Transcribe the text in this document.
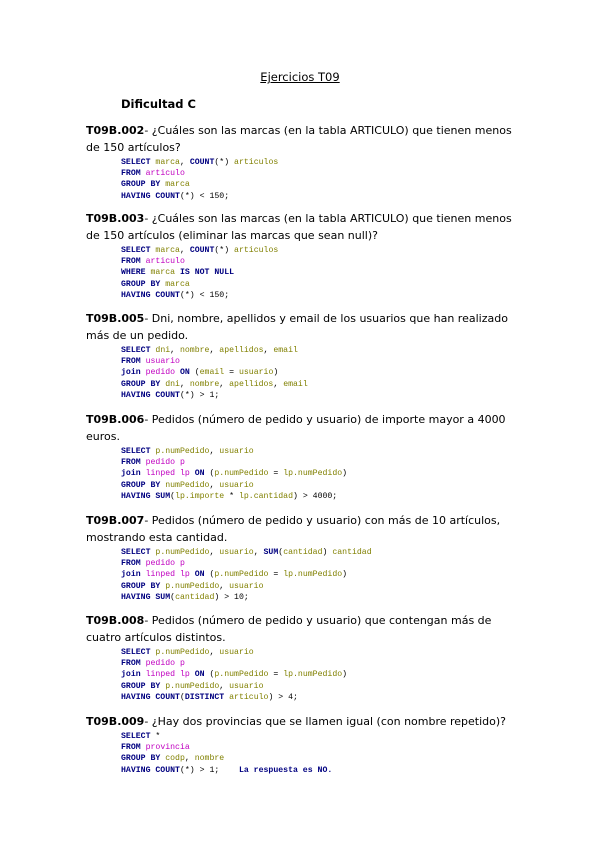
Ejercicios T09
Dificultad C

T09B.002- ¿Cuáles son las marcas (en la tabla ARTICULO) que tienen menos de 150 artículos?

SELECT marca, COUNT(*) articulos
FROM articulo
GROUP BY marca
HAVING COUNT(*) < 150;

T09B.003- ¿Cuáles son las marcas (en la tabla ARTICULO) que tienen menos de 150 artículos (eliminar las marcas que sean null)?

SELECT marca, COUNT(*) articulos
FROM articulo
WHERE marca IS NOT NULL
GROUP BY marca
HAVING COUNT(*) < 150;

T09B.005- Dni, nombre, apellidos y email de los usuarios que han realizado más de un pedido.

SELECT dni, nombre, apellidos, email
FROM usuario
join pedido ON (email = usuario)
GROUP BY dni, nombre, apellidos, email
HAVING COUNT(*) > 1;

T09B.006- Pedidos (número de pedido y usuario) de importe mayor a 4000 euros.

SELECT p.numPedido, usuario
FROM pedido p
join linped lp ON (p.numPedido = lp.numPedido)
GROUP BY numPedido, usuario
HAVING SUM(lp.importe * lp.cantidad) > 4000;

T09B.007- Pedidos (número de pedido y usuario) con más de 10 artículos, mostrando esta cantidad.

SELECT p.numPedido, usuario, SUM(cantidad) cantidad
FROM pedido p
join linped lp ON (p.numPedido = lp.numPedido)
GROUP BY p.numPedido, usuario
HAVING SUM(cantidad) > 10;

T09B.008- Pedidos (número de pedido y usuario) que contengan más de cuatro artículos distintos.

SELECT p.numPedido, usuario
FROM pedido p
join linped lp ON (p.numPedido = lp.numPedido)
GROUP BY p.numPedido, usuario
HAVING COUNT(DISTINCT articulo) > 4;

T09B.009- ¿Hay dos provincias que se llamen igual (con nombre repetido)?

SELECT *
FROM provincia
GROUP BY codp, nombre
HAVING COUNT(*) > 1;    La respuesta es NO.
